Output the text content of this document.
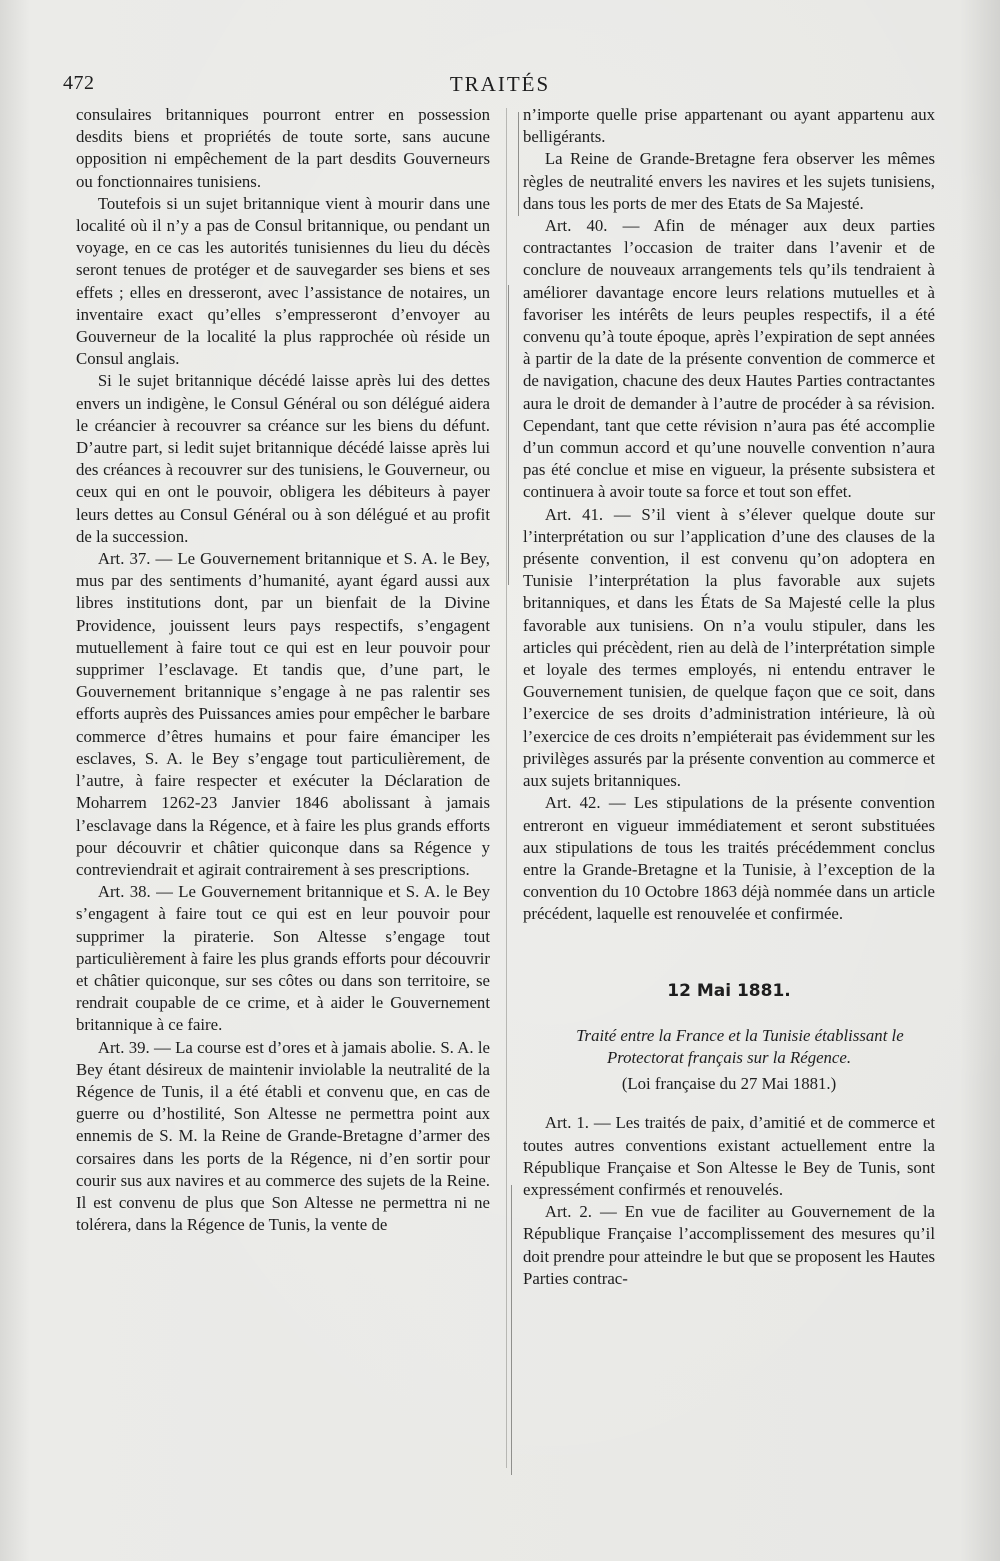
472	TRAITÉS

consulaires britanniques pourront entrer en possession desdits biens et propriétés de toute sorte, sans aucune opposition ni empêchement de la part desdits Gouverneurs ou fonctionnaires tunisiens.

Toutefois si un sujet britannique vient à mourir dans une localité où il n’y a pas de Consul britannique, ou pendant un voyage, en ce cas les autorités tunisiennes du lieu du décès seront tenues de protéger et de sauvegarder ses biens et ses effets ; elles en dresseront, avec l’assistance de notaires, un inventaire exact qu’elles s’empresseront d’envoyer au Gouverneur de la localité la plus rapprochée où réside un Consul anglais.

Si le sujet britannique décédé laisse après lui des dettes envers un indigène, le Consul Général ou son délégué aidera le créancier à recouvrer sa créance sur les biens du défunt. D’autre part, si ledit sujet britannique décédé laisse après lui des créances à recouvrer sur des tunisiens, le Gouverneur, ou ceux qui en ont le pouvoir, obligera les débiteurs à payer leurs dettes au Consul Général ou à son délégué et au profit de la succession.

Art. 37. — Le Gouvernement britannique et S. A. le Bey, mus par des sentiments d’humanité, ayant égard aussi aux libres institutions dont, par un bienfait de la Divine Providence, jouissent leurs pays respectifs, s’engagent mutuellement à faire tout ce qui est en leur pouvoir pour supprimer l’esclavage. Et tandis que, d’une part, le Gouvernement britannique s’engage à ne pas ralentir ses efforts auprès des Puissances amies pour empêcher le barbare commerce d’êtres humains et pour faire émanciper les esclaves, S. A. le Bey s’engage tout particulièrement, de l’autre, à faire respecter et exécuter la Déclaration de Moharrem 1262-23 Janvier 1846 abolissant à jamais l’esclavage dans la Régence, et à faire les plus grands efforts pour découvrir et châtier quiconque dans sa Régence y contreviendrait et agirait contrairement à ses prescriptions.

Art. 38. — Le Gouvernement britannique et S. A. le Bey s’engagent à faire tout ce qui est en leur pouvoir pour supprimer la piraterie. Son Altesse s’engage tout particulièrement à faire les plus grands efforts pour découvrir et châtier quiconque, sur ses côtes ou dans son territoire, se rendrait coupable de ce crime, et à aider le Gouvernement britannique à ce faire.

Art. 39. — La course est d’ores et à jamais abolie. S. A. le Bey étant désireux de maintenir inviolable la neutralité de la Régence de Tunis, il a été établi et convenu que, en cas de guerre ou d’hostilité, Son Altesse ne permettra point aux ennemis de S. M. la Reine de Grande-Bretagne d’armer des corsaires dans les ports de la Régence, ni d’en sortir pour courir sus aux navires et au commerce des sujets de la Reine. Il est convenu de plus que Son Altesse ne permettra ni ne tolérera, dans la Régence de Tunis, la vente de

n’importe quelle prise appartenant ou ayant appartenu aux belligérants.

La Reine de Grande-Bretagne fera observer les mêmes règles de neutralité envers les navires et les sujets tunisiens, dans tous les ports de mer des Etats de Sa Majesté.

Art. 40. — Afin de ménager aux deux parties contractantes l’occasion de traiter dans l’avenir et de conclure de nouveaux arrangements tels qu’ils tendraient à améliorer davantage encore leurs relations mutuelles et à favoriser les intérêts de leurs peuples respectifs, il a été convenu qu’à toute époque, après l’expiration de sept années à partir de la date de la présente convention de commerce et de navigation, chacune des deux Hautes Parties contractantes aura le droit de demander à l’autre de procéder à sa révision. Cependant, tant que cette révision n’aura pas été accomplie d’un commun accord et qu’une nouvelle convention n’aura pas été conclue et mise en vigueur, la présente subsistera et continuera à avoir toute sa force et tout son effet.

Art. 41. — S’il vient à s’élever quelque doute sur l’interprétation ou sur l’application d’une des clauses de la présente convention, il est convenu qu’on adoptera en Tunisie l’interprétation la plus favorable aux sujets britanniques, et dans les États de Sa Majesté celle la plus favorable aux tunisiens. On n’a voulu stipuler, dans les articles qui précèdent, rien au delà de l’interprétation simple et loyale des termes employés, ni entendu entraver le Gouvernement tunisien, de quelque façon que ce soit, dans l’exercice de ses droits d’administration intérieure, là où l’exercice de ces droits n’empiéterait pas évidemment sur les privilèges assurés par la présente convention au commerce et aux sujets britanniques.

Art. 42. — Les stipulations de la présente convention entreront en vigueur immédiatement et seront substituées aux stipulations de tous les traités précédemment conclus entre la Grande-Bretagne et la Tunisie, à l’exception de la convention du 10 Octobre 1863 déjà nommée dans un article précédent, laquelle est renouvelée et confirmée.

12 Mai 1881.

Traité entre la France et la Tunisie établissant le Protectorat français sur la Régence.

(Loi française du 27 Mai 1881.)

Art. 1. — Les traités de paix, d’amitié et de commerce et toutes autres conventions existant actuellement entre la République Française et Son Altesse le Bey de Tunis, sont expressément confirmés et renouvelés.

Art. 2. — En vue de faciliter au Gouvernement de la République Française l’accomplissement des mesures qu’il doit prendre pour atteindre le but que se proposent les Hautes Parties contrac-
